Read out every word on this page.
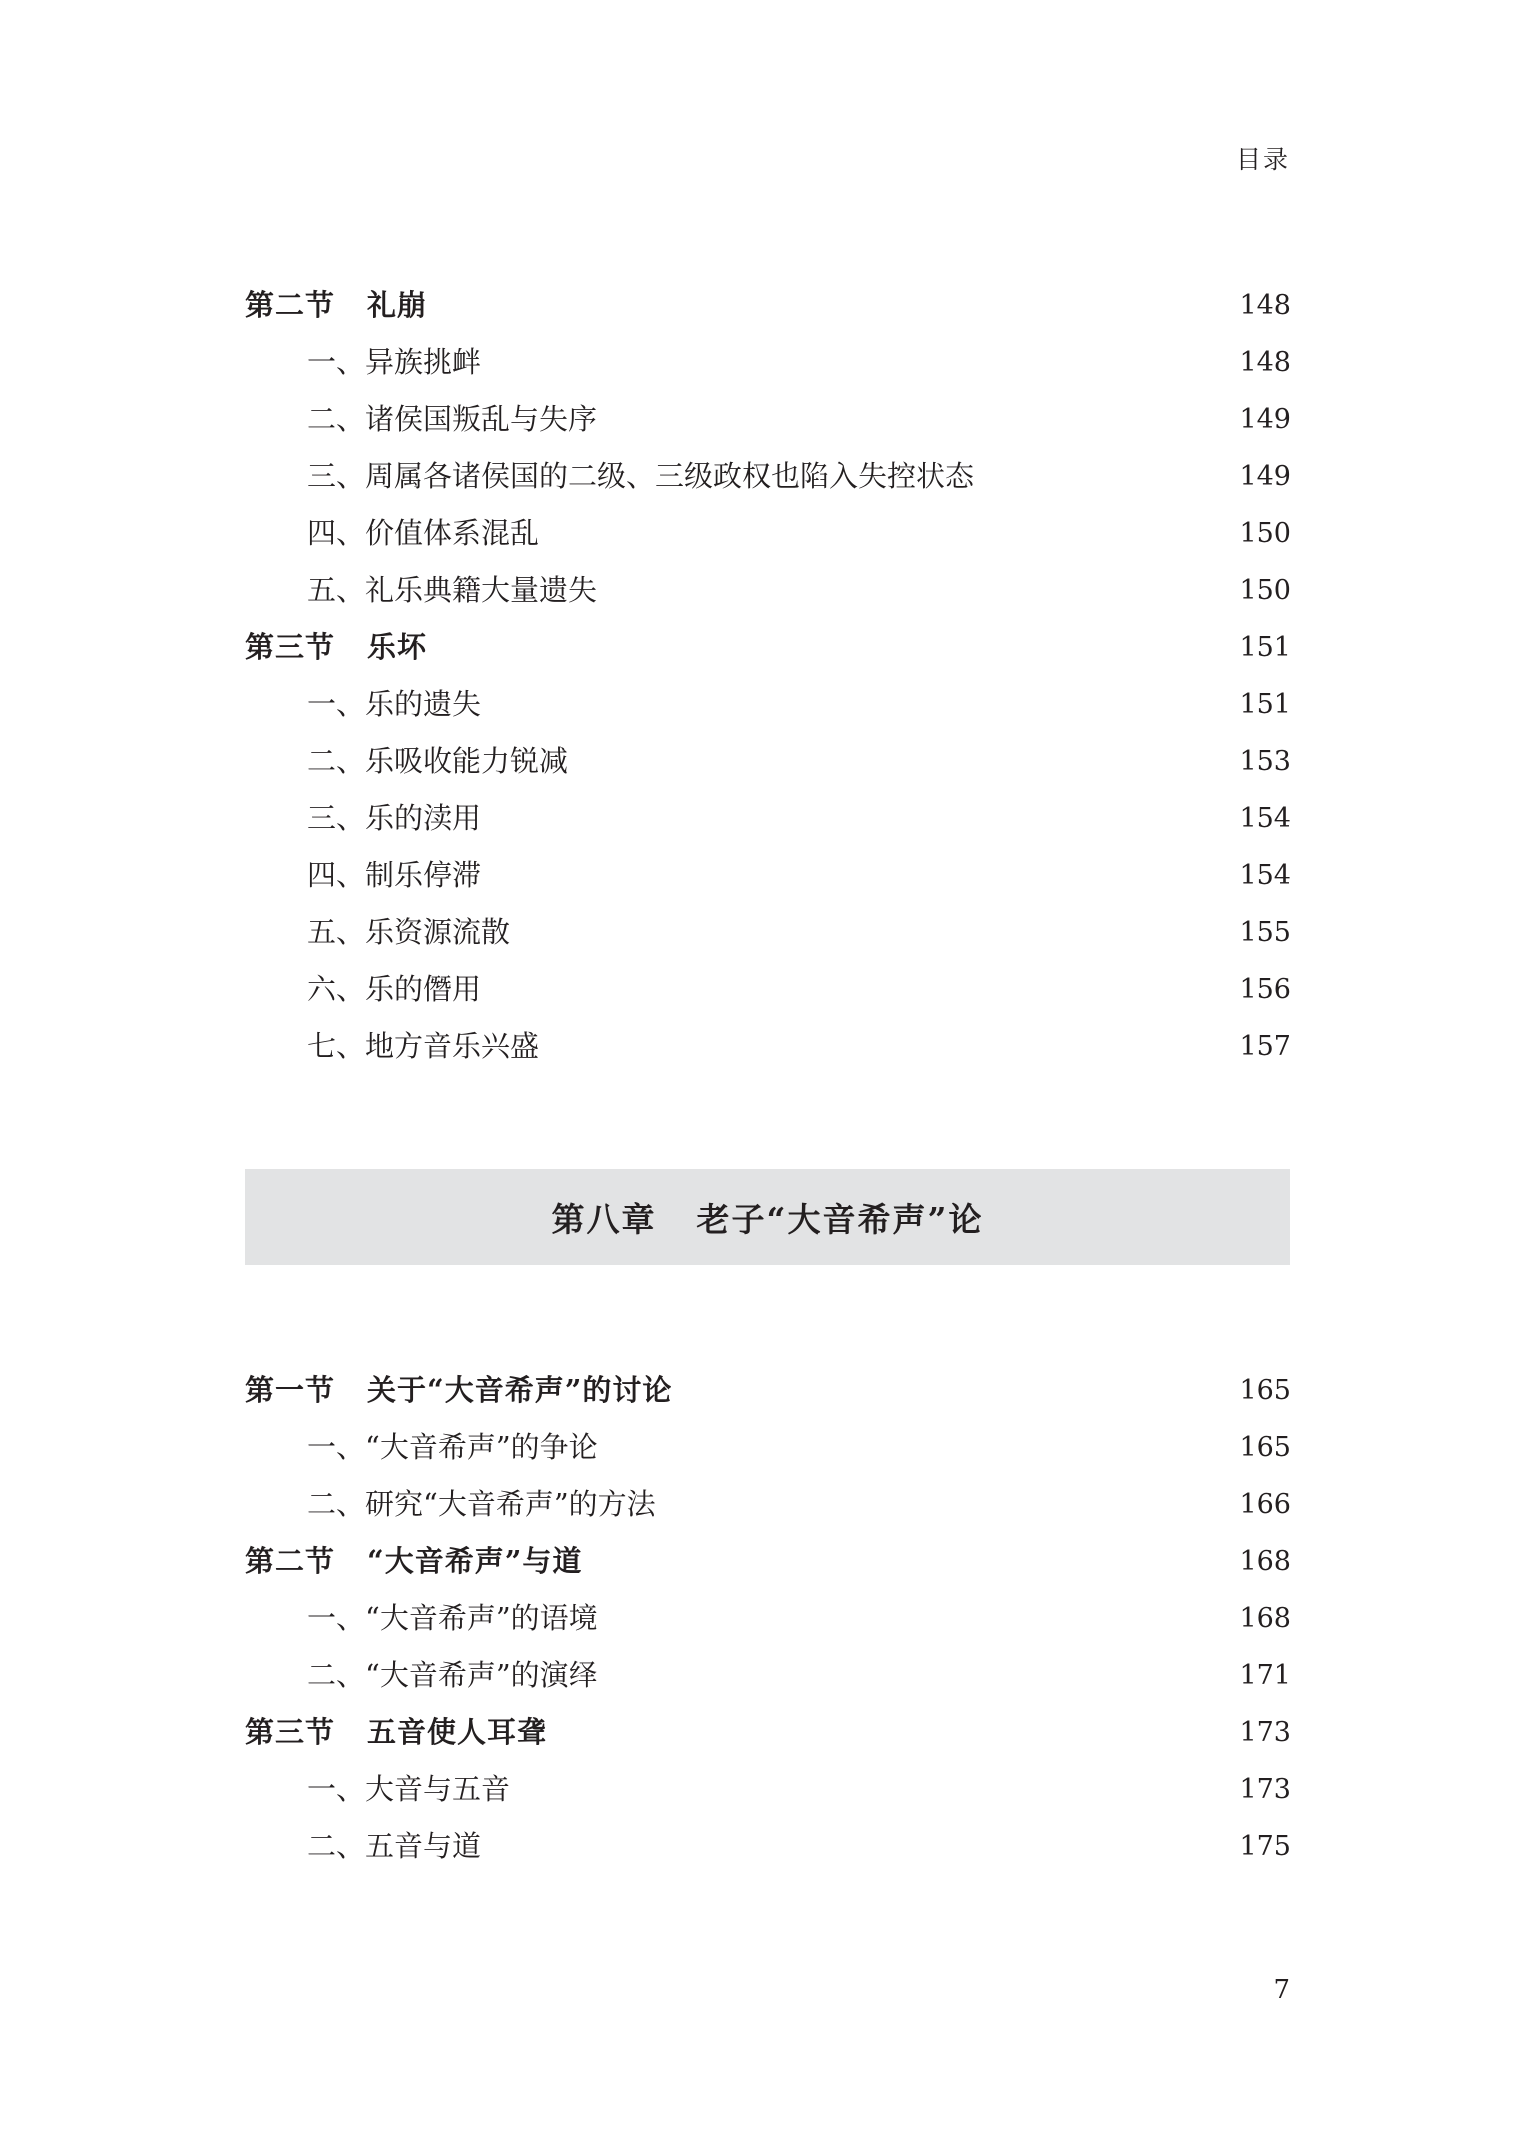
目录
第二节 礼崩	148
一、异族挑衅	148
二、诸侯国叛乱与失序	149
三、周属各诸侯国的二级、三级政权也陷入失控状态	149
四、价值体系混乱	150
五、礼乐典籍大量遗失	150
第三节 乐坏	151
一、乐的遗失	151
二、乐吸收能力锐减	153
三、乐的渎用	154
四、制乐停滞	154
五、乐资源流散	155
六、乐的僭用	156
七、地方音乐兴盛	157
第八章 老子“大音希声”论
第一节 关于“大音希声”的讨论	165
一、“大音希声”的争论	165
二、研究“大音希声”的方法	166
第二节 “大音希声”与道	168
一、“大音希声”的语境	168
二、“大音希声”的演绎	171
第三节 五音使人耳聋	173
一、大音与五音	173
二、五音与道	175
7
